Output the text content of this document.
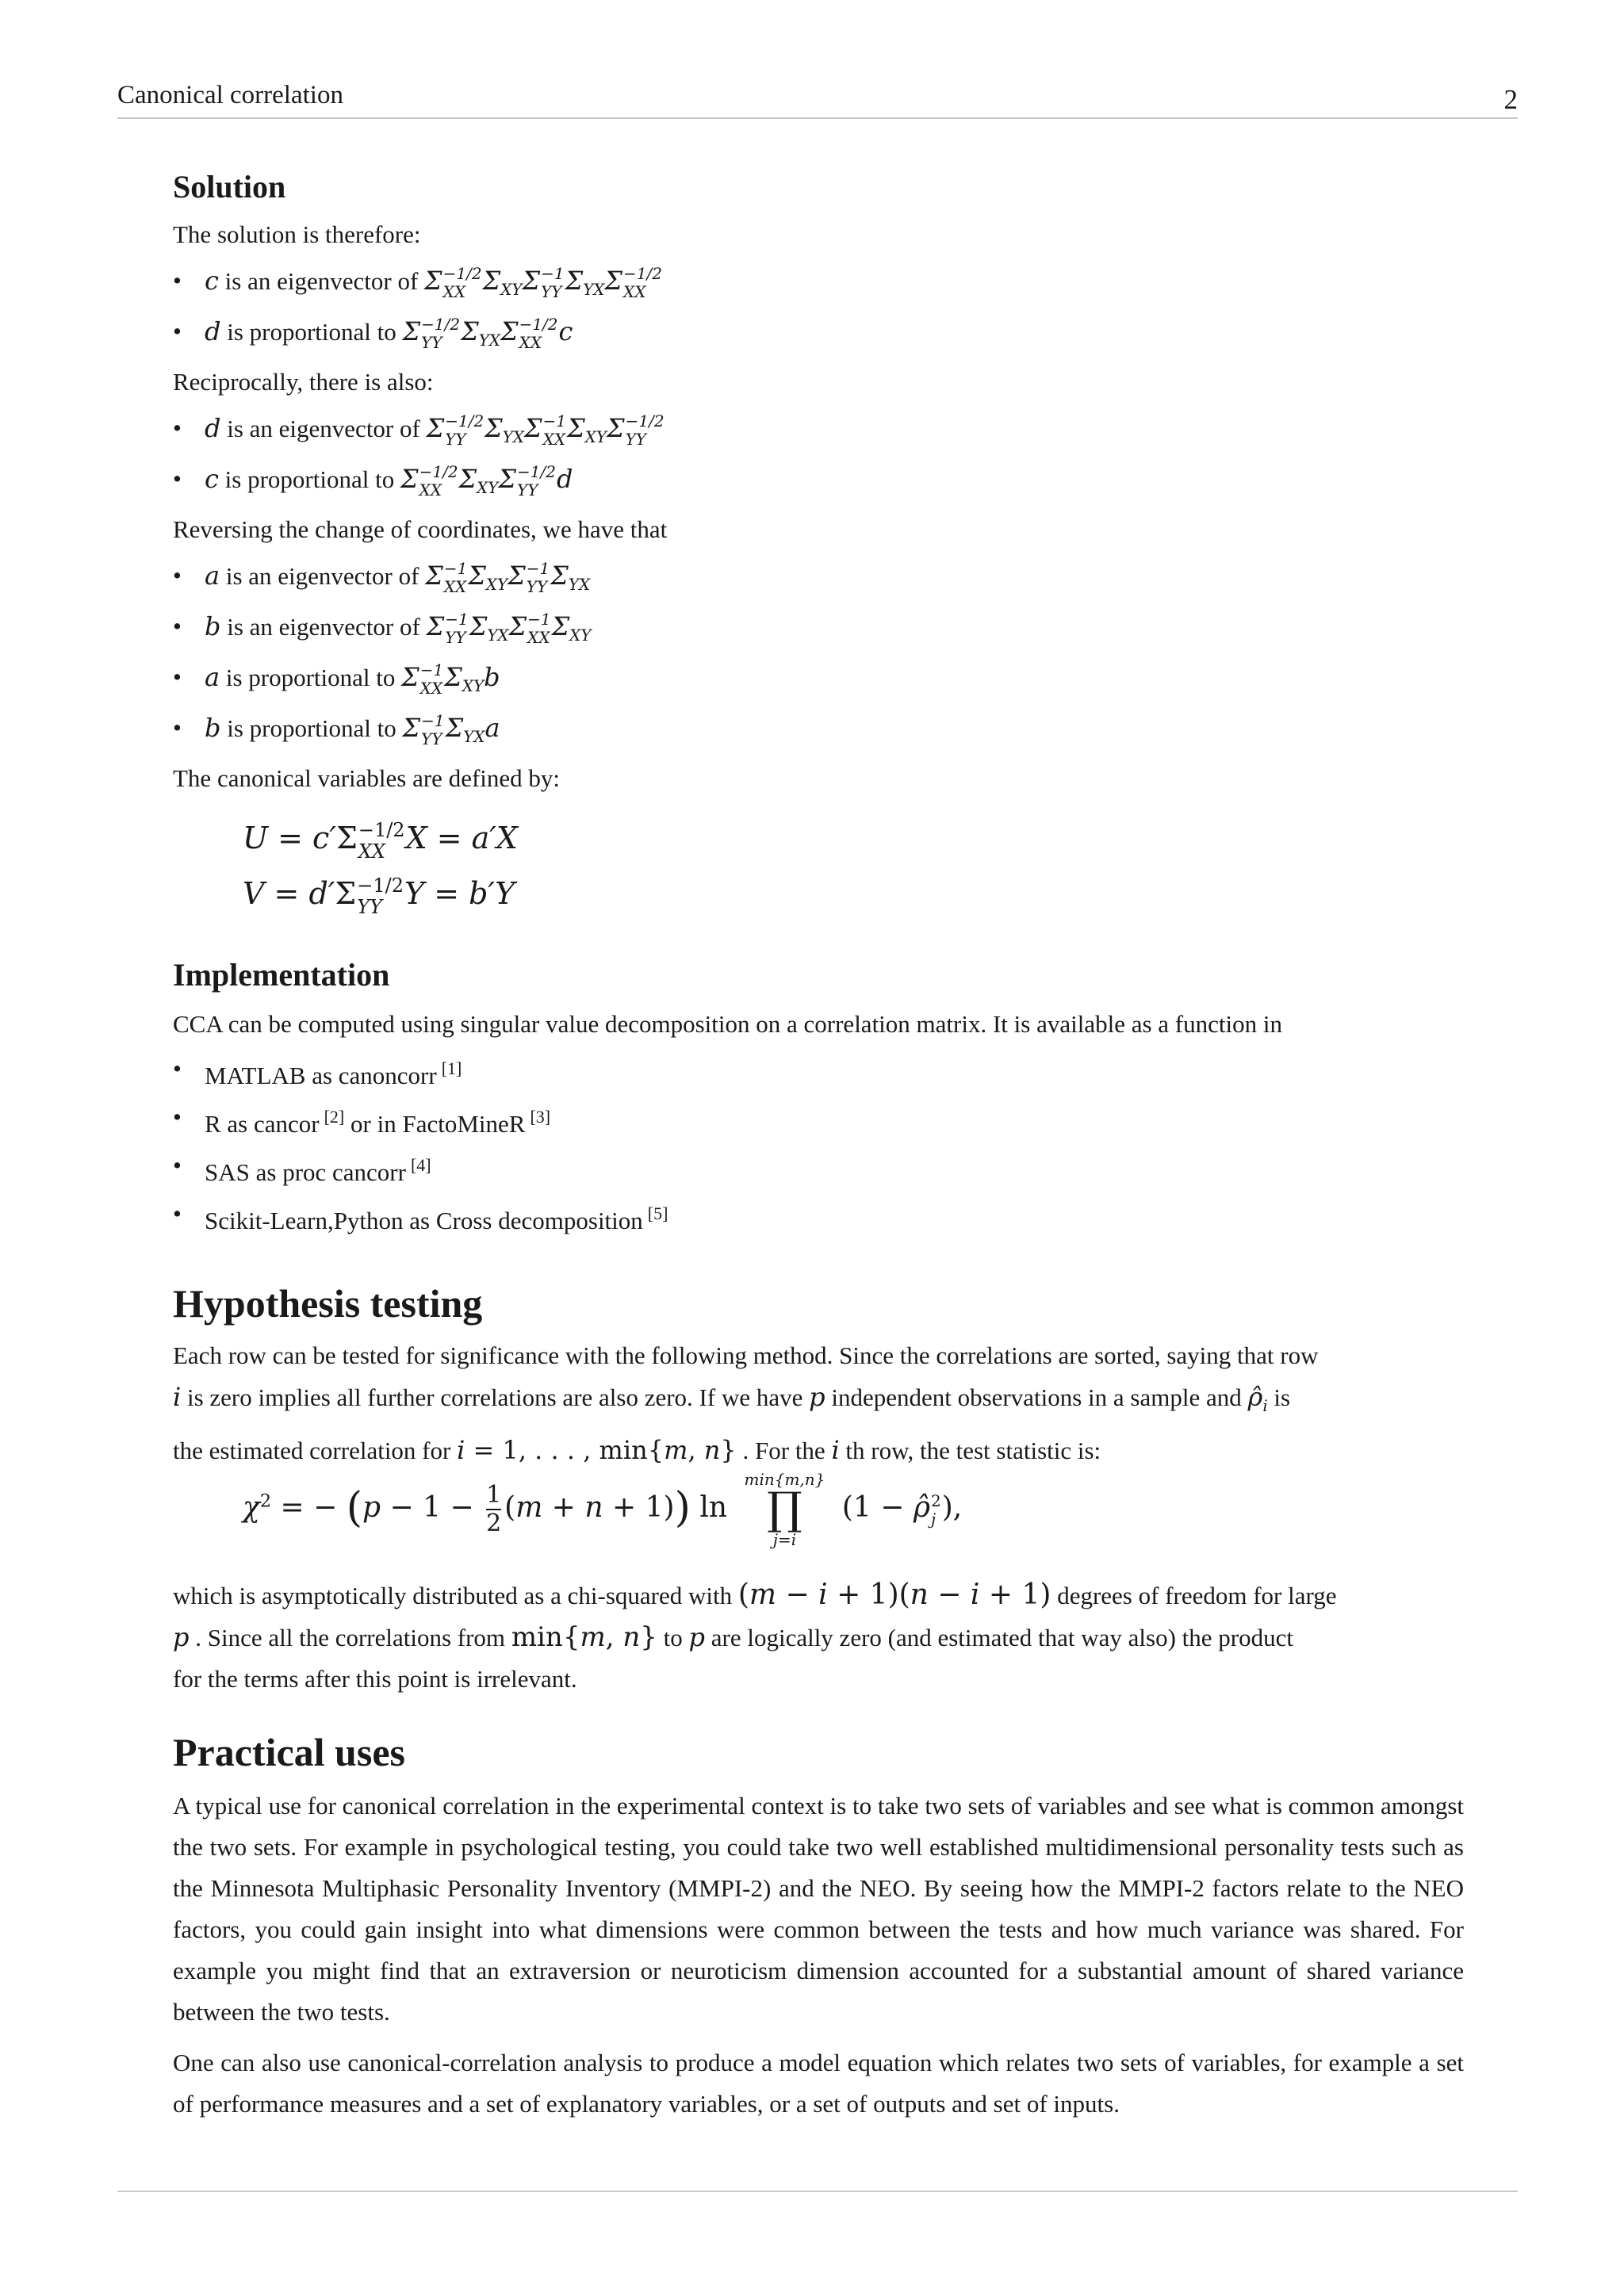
Canonical correlation	2
Solution

The solution is therefore:

• c is an eigenvector of Σ −1/2
XX $\Sigma_{XY}\Sigma -1$
YY $\Sigma_{YX}\Sigma -1/2$
XX
• d is proportional to Σ −1/2
YY $\Sigma_{YX}\Sigma -1/2$
XX c

Reciprocally, there is also:

• d is an eigenvector of Σ −1/2
YY $\Sigma_{YX}\Sigma -1$
XX $\Sigma_{XY}\Sigma -1/2$
YY
• c is proportional to Σ −1/2
XX $\Sigma_{XY}\Sigma -1/2$
YY d

Reversing the change of coordinates, we have that

• a is an eigenvector of Σ −1
XX $\Sigma_{XY}\Sigma -1$
YY $\Sigma_{YX}$
• b is an eigenvector of Σ −1
YY $\Sigma_{YX}\Sigma -1$
XX $\Sigma_{XY}$
• a is proportional to Σ −1
XX $\Sigma_{XY}b$
• b is proportional to Σ −1
YY $\Sigma_{YX}a$

The canonical variables are defined by:

U = c′Σ −1/2
XX X = a′X
V = d′Σ −1/2
YY Y = b′Y
Implementation

CCA can be computed using singular value decomposition on a correlation matrix. It is available as a function in

• MATLAB as canoncorr [1]
• R as cancor [2] or in FactoMineR [3]
• SAS as proc cancorr [4]
• Scikit-Learn,Python as Cross decomposition [5]
Hypothesis testing

Each row can be tested for significance with the following method. Since the correlations are sorted, saying that row
i is zero implies all further correlations are also zero. If we have p independent observations in a sample and $\rhô_i$ is

the estimated correlation for i = 1, . . . , min{m, n} . For the i th row, the test statistic is:

$\chi^2$ = − $(p - 1 - \frac{1}{2} (m + n + 1))$ ln
min{m,n}
∏
j=i
(1 − ρ̂ 2
j ),

which is asymptotically distributed as a chi-squared with (m − i + 1)(n − i + 1) degrees of freedom for large
p . Since all the correlations from min{m, n} to p are logically zero (and estimated that way also) the product
for the terms after this point is irrelevant.

Practical uses

A typical use for canonical correlation in the experimental context is to take two sets of variables and see what is common amongst the two sets. For example in psychological testing, you could take two well established multidimensional personality tests such as the Minnesota Multiphasic Personality Inventory (MMPI-2) and the NEO. By seeing how the MMPI-2 factors relate to the NEO factors, you could gain insight into what dimensions were common between the tests and how much variance was shared. For example you might find that an extraversion or neuroticism dimension accounted for a substantial amount of shared variance between the two tests.

One can also use canonical-correlation analysis to produce a model equation which relates two sets of variables, for example a set of performance measures and a set of explanatory variables, or a set of outputs and set of inputs.
